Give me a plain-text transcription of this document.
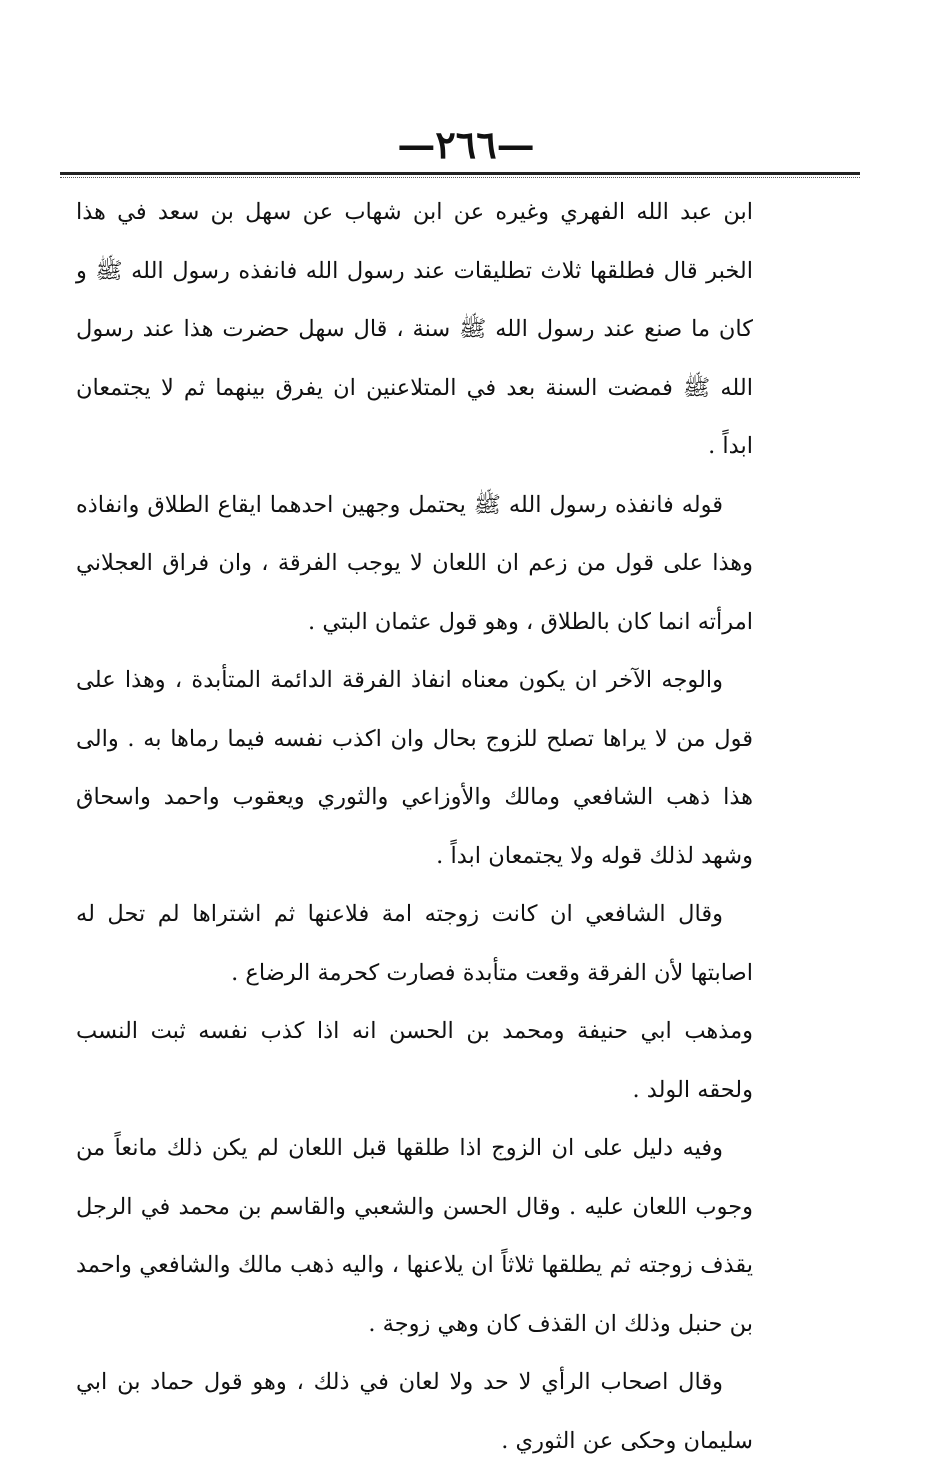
—٢٦٦—

ابن عبد الله الفهري وغيره عن ابن شهاب عن سهل بن سعد في هذا الخبر قال فطلقها ثلاث تطليقات عند رسول الله فانفذه رسول الله ﷺ و كان ما صنع عند رسول الله ﷺ سنة ، قال سهل حضرت هذا عند رسول الله ﷺ فمضت السنة بعد في المتلاعنين ان يفرق بينهما ثم لا يجتمعان ابداً .

قوله فانفذه رسول الله ﷺ يحتمل وجهين احدهما ايقاع الطلاق وانفاذه وهذا على قول من زعم ان اللعان لا يوجب الفرقة ، وان فراق العجلاني امرأته انما كان بالطلاق ، وهو قول عثمان البتي .

والوجه الآخر ان يكون معناه انفاذ الفرقة الدائمة المتأبدة ، وهذا على قول من لا يراها تصلح للزوج بحال وان اكذب نفسه فيما رماها به . والى هذا ذهب الشافعي ومالك والأوزاعي والثوري ويعقوب واحمد واسحاق وشهد لذلك قوله ولا يجتمعان ابداً .

وقال الشافعي ان كانت زوجته امة فلاعنها ثم اشتراها لم تحل له اصابتها لأن الفرقة وقعت متأبدة فصارت كحرمة الرضاع .

ومذهب ابي حنيفة ومحمد بن الحسن انه اذا كذب نفسه ثبت النسب ولحقه الولد .

وفيه دليل على ان الزوج اذا طلقها قبل اللعان لم يكن ذلك مانعاً من وجوب اللعان عليه . وقال الحسن والشعبي والقاسم بن محمد في الرجل يقذف زوجته ثم يطلقها ثلاثاً ان يلاعنها ، واليه ذهب مالك والشافعي واحمد بن حنبل وذلك ان القذف كان وهي زوجة .

وقال اصحاب الرأي لا حد ولا لعان في ذلك ، وهو قول حماد بن ابي سليمان وحكى عن الثوري .
